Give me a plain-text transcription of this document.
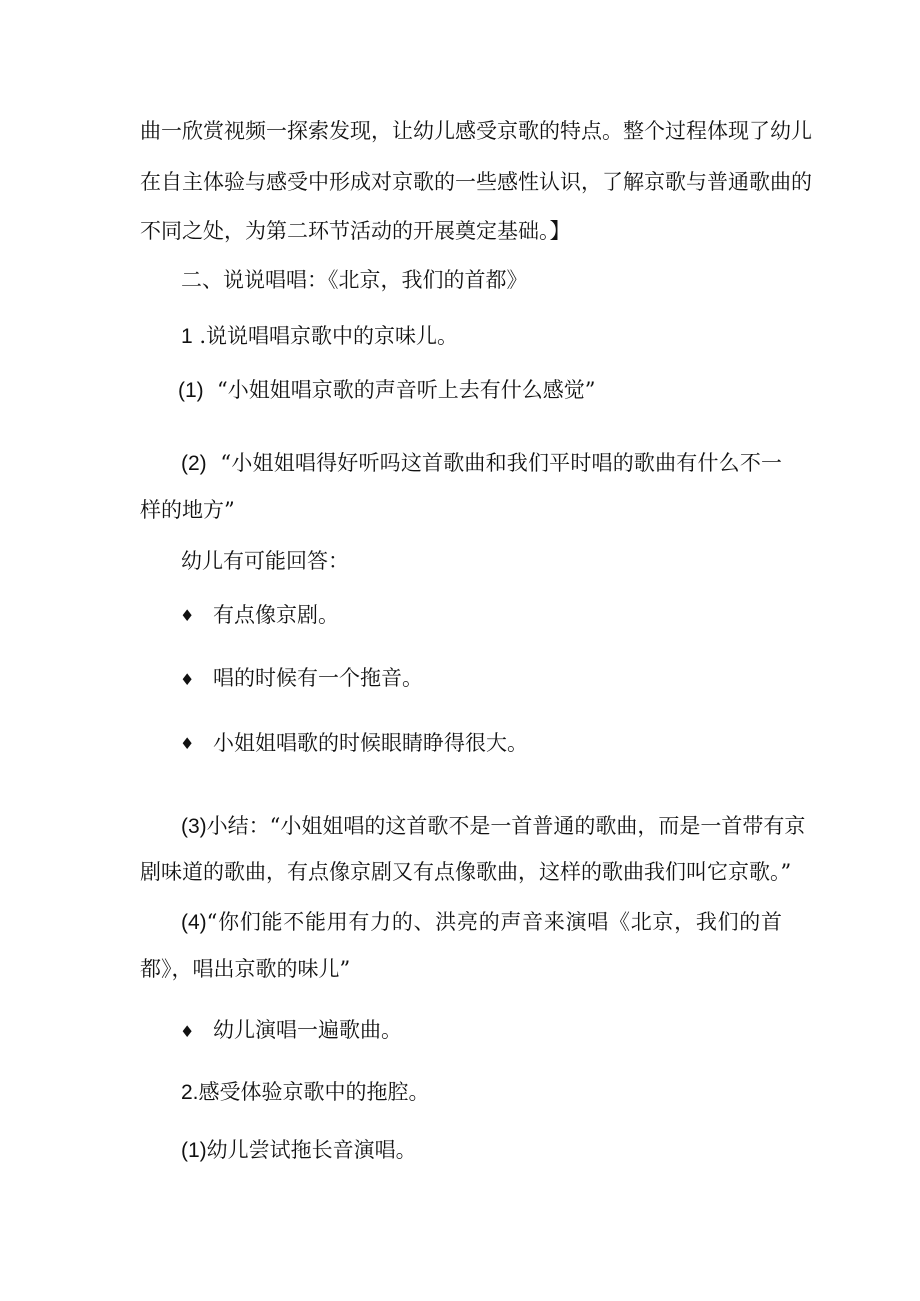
曲一欣赏视频一探索发现，让幼儿感受京歌的特点。整个过程体现了幼儿
在自主体验与感受中形成对京歌的一些感性认识，了解京歌与普通歌曲的
不同之处，为第二环节活动的开展奠定基础。】
二、说说唱唱：《北京，我们的首都》
1 .说说唱唱京歌中的京味儿。
(1) “小姐姐唱京歌的声音听上去有什么感觉”
(2) “小姐姐唱得好听吗这首歌曲和我们平时唱的歌曲有什么不一
样的地方”
幼儿有可能回答：
♦ 有点像京剧。
♦ 唱的时候有一个拖音。
♦ 小姐姐唱歌的时候眼睛睁得很大。
(3)小结：“小姐姐唱的这首歌不是一首普通的歌曲，而是一首带有京
剧味道的歌曲，有点像京剧又有点像歌曲，这样的歌曲我们叫它京歌。”
(4)“你们能不能用有力的、洪亮的声音来演唱《北京，我们的首
都》，唱出京歌的味儿”
♦ 幼儿演唱一遍歌曲。
2.感受体验京歌中的拖腔。
(1)幼儿尝试拖长音演唱。
